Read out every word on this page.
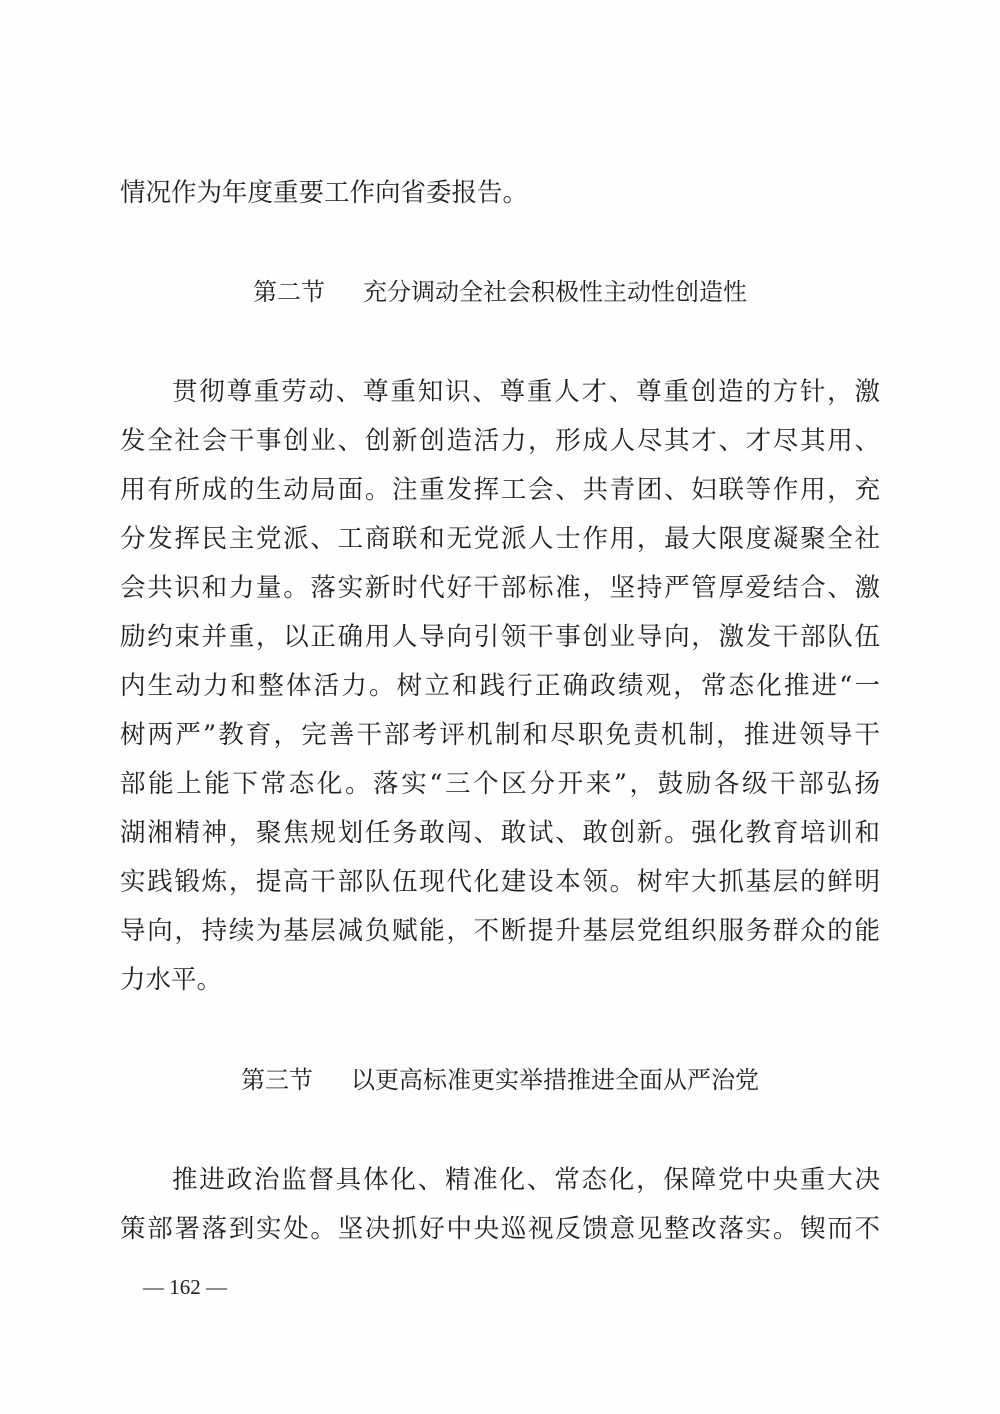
情况作为年度重要工作向省委报告。
第二节 充分调动全社会积极性主动性创造性
贯彻尊重劳动、尊重知识、尊重人才、尊重创造的方针，激
发全社会干事创业、创新创造活力，形成人尽其才、才尽其用、
用有所成的生动局面。注重发挥工会、共青团、妇联等作用，充
分发挥民主党派、工商联和无党派人士作用，最大限度凝聚全社
会共识和力量。落实新时代好干部标准，坚持严管厚爱结合、激
励约束并重，以正确用人导向引领干事创业导向，激发干部队伍
内生动力和整体活力。树立和践行正确政绩观，常态化推进“一
树两严”教育，完善干部考评机制和尽职免责机制，推进领导干
部能上能下常态化。落实“三个区分开来”，鼓励各级干部弘扬
湖湘精神，聚焦规划任务敢闯、敢试、敢创新。强化教育培训和
实践锻炼，提高干部队伍现代化建设本领。树牢大抓基层的鲜明
导向，持续为基层减负赋能，不断提升基层党组织服务群众的能
力水平。
第三节 以更高标准更实举措推进全面从严治党
推进政治监督具体化、精准化、常态化，保障党中央重大决
策部署落到实处。坚决抓好中央巡视反馈意见整改落实。锲而不
— 162 —
